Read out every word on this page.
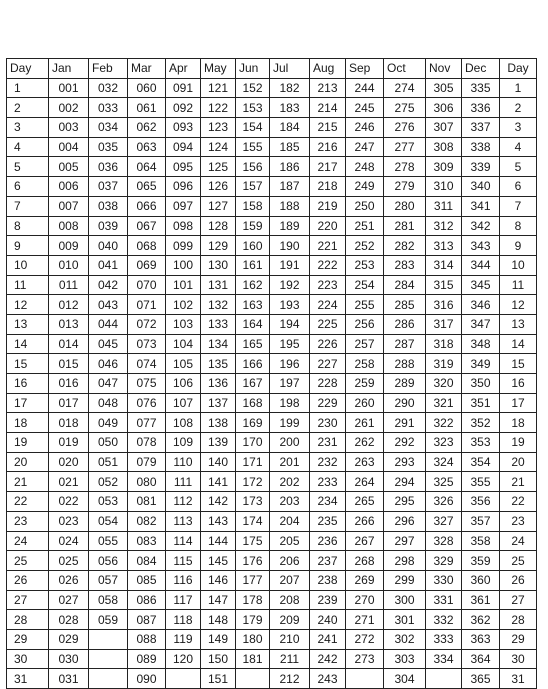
Day	Jan	Feb	Mar	Apr	May	Jun	Jul	Aug	Sep	Oct	Nov	Dec	Day
1	001	032	060	091	121	152	182	213	244	274	305	335	1
2	002	033	061	092	122	153	183	214	245	275	306	336	2
3	003	034	062	093	123	154	184	215	246	276	307	337	3
4	004	035	063	094	124	155	185	216	247	277	308	338	4
5	005	036	064	095	125	156	186	217	248	278	309	339	5
6	006	037	065	096	126	157	187	218	249	279	310	340	6
7	007	038	066	097	127	158	188	219	250	280	311	341	7
8	008	039	067	098	128	159	189	220	251	281	312	342	8
9	009	040	068	099	129	160	190	221	252	282	313	343	9
10	010	041	069	100	130	161	191	222	253	283	314	344	10
11	011	042	070	101	131	162	192	223	254	284	315	345	11
12	012	043	071	102	132	163	193	224	255	285	316	346	12
13	013	044	072	103	133	164	194	225	256	286	317	347	13
14	014	045	073	104	134	165	195	226	257	287	318	348	14
15	015	046	074	105	135	166	196	227	258	288	319	349	15
16	016	047	075	106	136	167	197	228	259	289	320	350	16
17	017	048	076	107	137	168	198	229	260	290	321	351	17
18	018	049	077	108	138	169	199	230	261	291	322	352	18
19	019	050	078	109	139	170	200	231	262	292	323	353	19
20	020	051	079	110	140	171	201	232	263	293	324	354	20
21	021	052	080	111	141	172	202	233	264	294	325	355	21
22	022	053	081	112	142	173	203	234	265	295	326	356	22
23	023	054	082	113	143	174	204	235	266	296	327	357	23
24	024	055	083	114	144	175	205	236	267	297	328	358	24
25	025	056	084	115	145	176	206	237	268	298	329	359	25
26	026	057	085	116	146	177	207	238	269	299	330	360	26
27	027	058	086	117	147	178	208	239	270	300	331	361	27
28	028	059	087	118	148	179	209	240	271	301	332	362	28
29	029		088	119	149	180	210	241	272	302	333	363	29
30	030		089	120	150	181	211	242	273	303	334	364	30
31	031		090		151		212	243		304		365	31
